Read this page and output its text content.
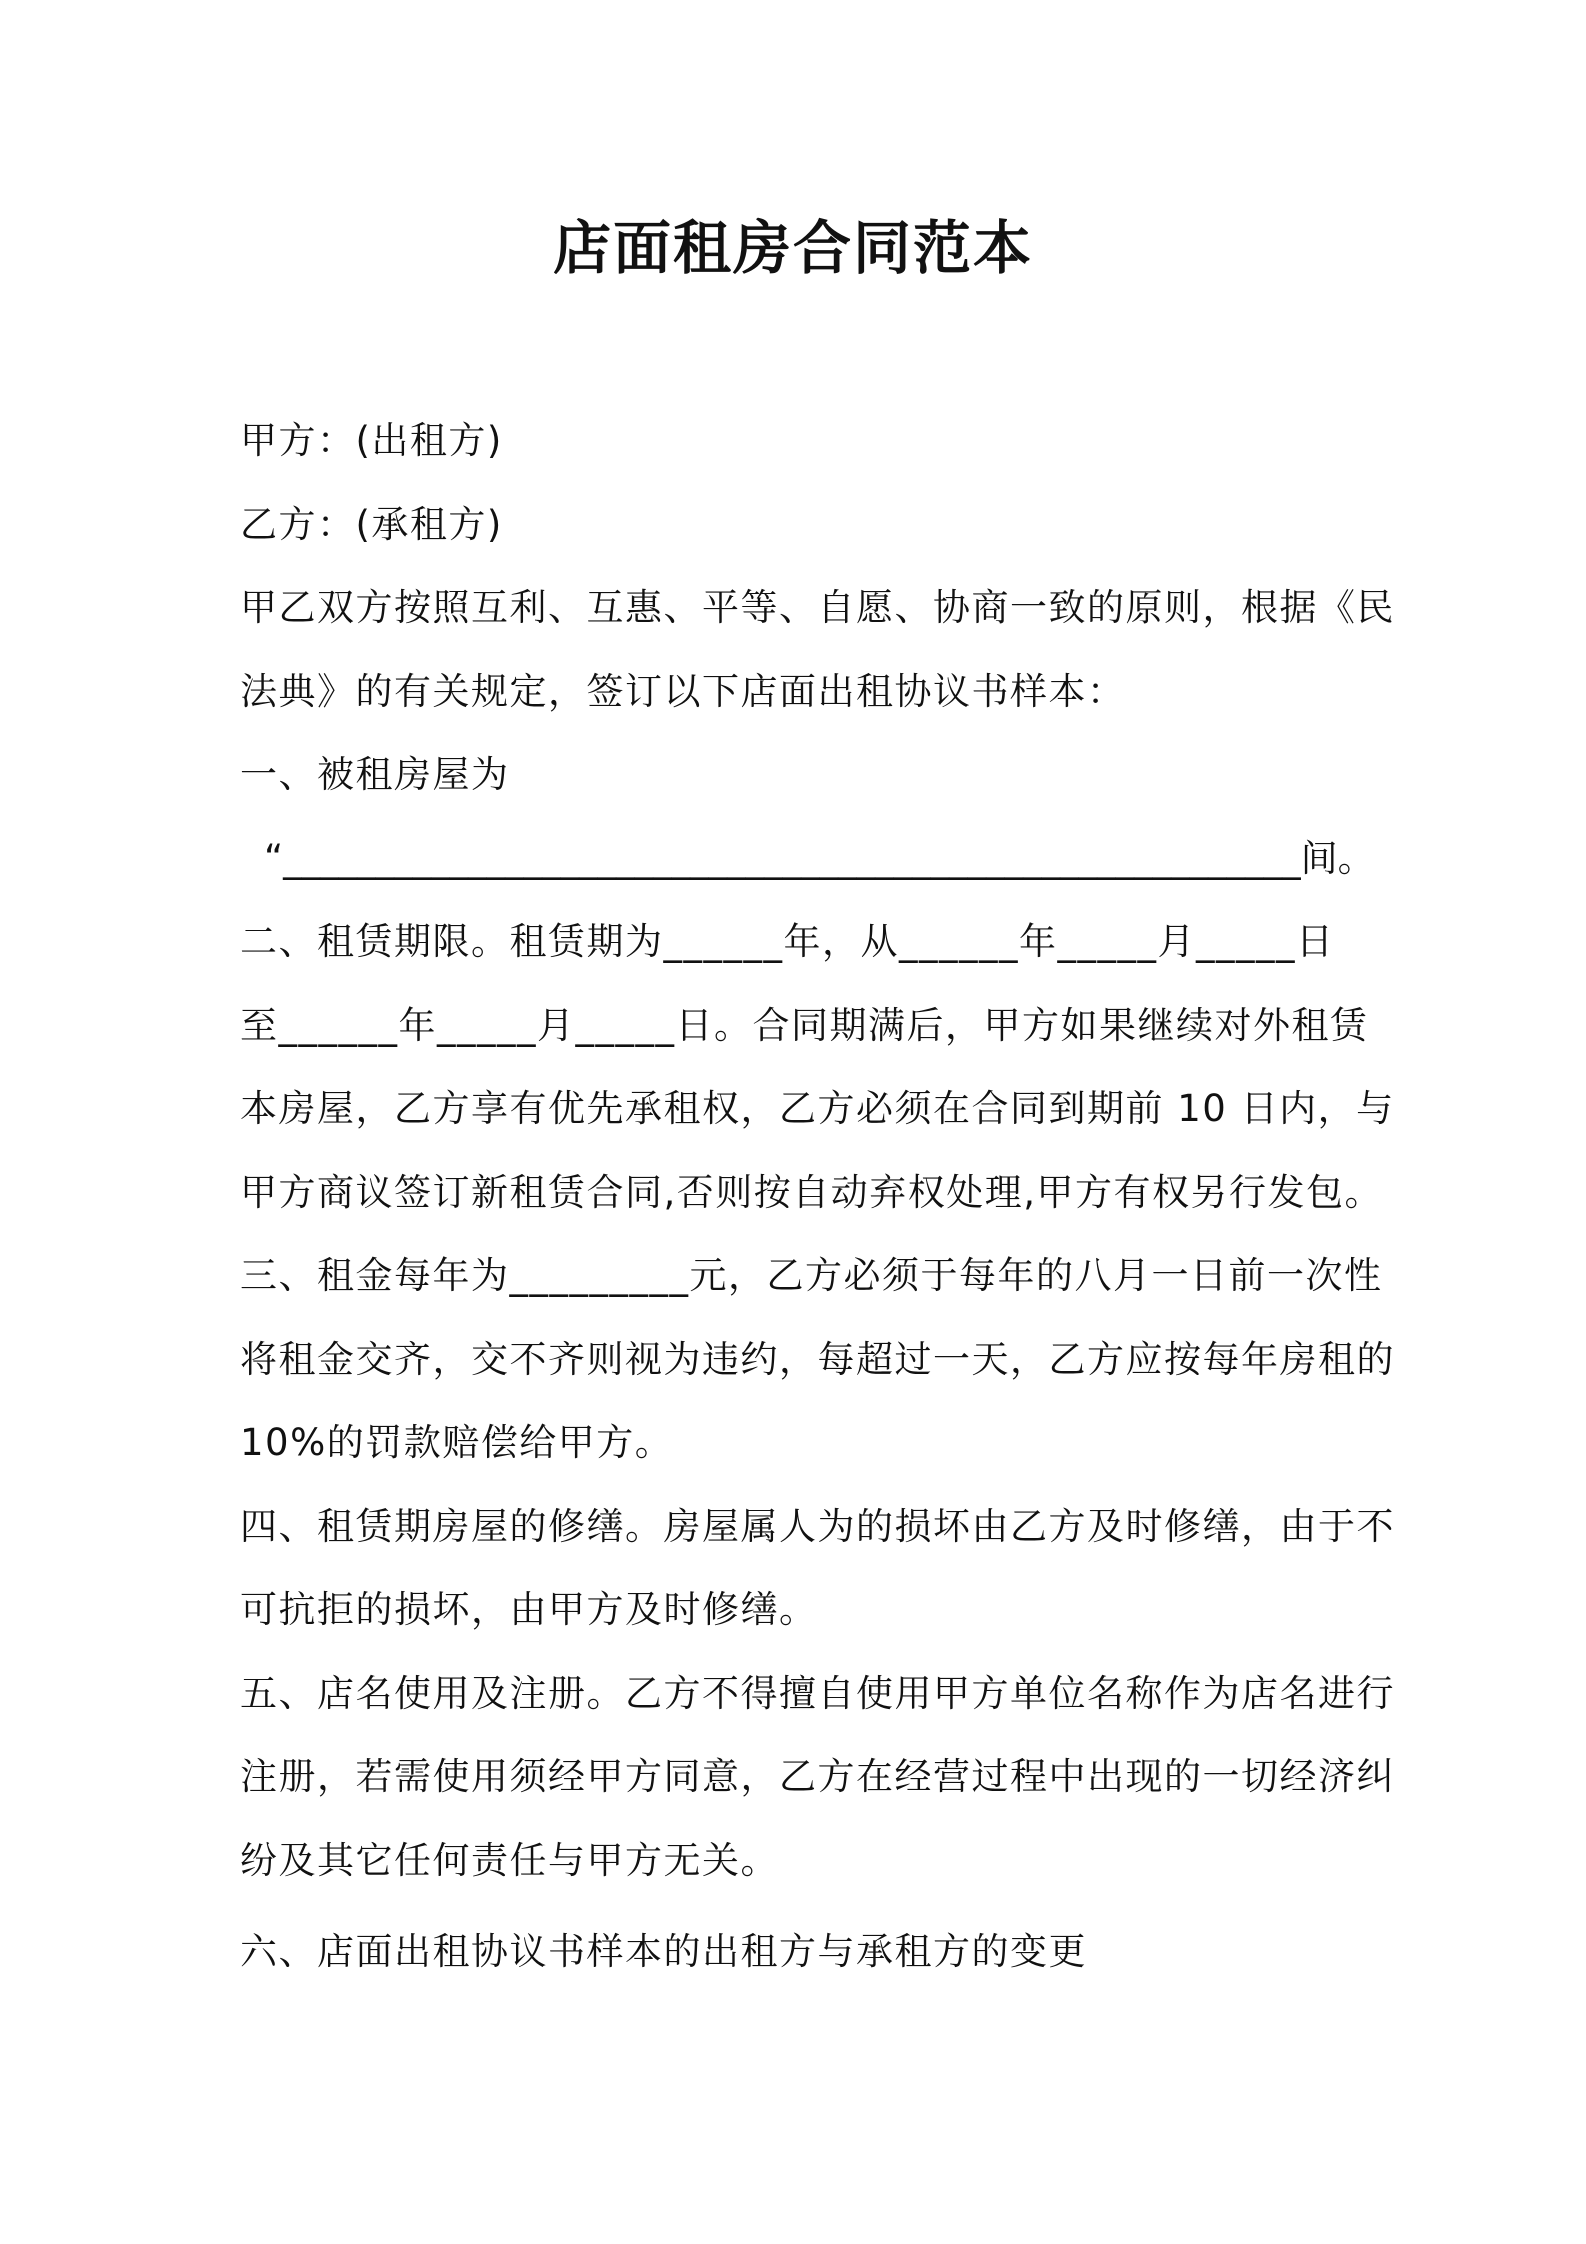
店面租房合同范本
甲方：(出租方)
乙方：(承租方)
甲乙双方按照互利、互惠、平等、自愿、协商一致的原则，根据《民
法典》的有关规定，签订以下店面出租协议书样本：
一、被租房屋为
“_______________________________________________________间。
二、租赁期限。租赁期为______年，从______年_____月_____日
至______年_____月_____日。合同期满后，甲方如果继续对外租赁
本房屋，乙方享有优先承租权，乙方必须在合同到期前 10 日内，与
甲方商议签订新租赁合同,否则按自动弃权处理,甲方有权另行发包。
三、租金每年为_________元，乙方必须于每年的八月一日前一次性
将租金交齐，交不齐则视为违约，每超过一天，乙方应按每年房租的
10%的罚款赔偿给甲方。
四、租赁期房屋的修缮。房屋属人为的损坏由乙方及时修缮，由于不
可抗拒的损坏，由甲方及时修缮。
五、店名使用及注册。乙方不得擅自使用甲方单位名称作为店名进行
注册，若需使用须经甲方同意，乙方在经营过程中出现的一切经济纠
纷及其它任何责任与甲方无关。
六、店面出租协议书样本的出租方与承租方的变更
